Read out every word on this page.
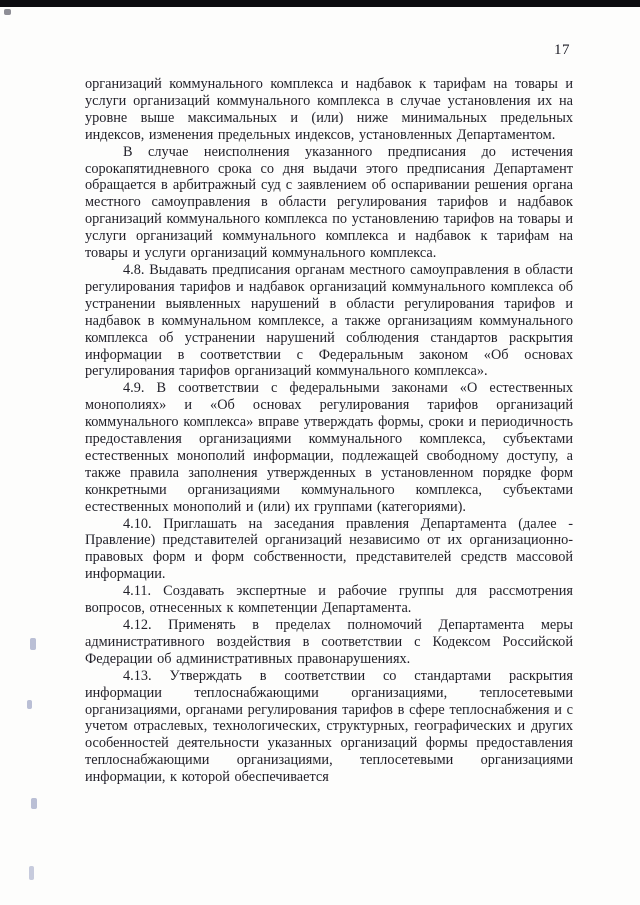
17

организаций коммунального комплекса и надбавок к тарифам на товары и услуги организаций коммунального комплекса в случае установления их на уровне выше максимальных и (или) ниже минимальных предельных индексов, изменения предельных индексов, установленных Департаментом.

В случае неисполнения указанного предписания до истечения сорокапятидневного срока со дня выдачи этого предписания Департамент обращается в арбитражный суд с заявлением об оспаривании решения органа местного самоуправления в области регулирования тарифов и надбавок организаций коммунального комплекса по установлению тарифов на товары и услуги организаций коммунального комплекса и надбавок к тарифам на товары и услуги организаций коммунального комплекса.

4.8. Выдавать предписания органам местного самоуправления в области регулирования тарифов и надбавок организаций коммунального комплекса об устранении выявленных нарушений в области регулирования тарифов и надбавок в коммунальном комплексе, а также организациям коммунального комплекса об устранении нарушений соблюдения стандартов раскрытия информации в соответствии с Федеральным законом «Об основах регулирования тарифов организаций коммунального комплекса».

4.9. В соответствии с федеральными законами «О естественных монополиях» и «Об основах регулирования тарифов организаций коммунального комплекса» вправе утверждать формы, сроки и периодичность предоставления организациями коммунального комплекса, субъектами естественных монополий информации, подлежащей свободному доступу, а также правила заполнения утвержденных в установленном порядке форм конкретными организациями коммунального комплекса, субъектами естественных монополий и (или) их группами (категориями).

4.10. Приглашать на заседания правления Департамента (далее - Правление) представителей организаций независимо от их организационно-правовых форм и форм собственности, представителей средств массовой информации.

4.11. Создавать экспертные и рабочие группы для рассмотрения вопросов, отнесенных к компетенции Департамента.

4.12. Применять в пределах полномочий Департамента меры административного воздействия в соответствии с Кодексом Российской Федерации об административных правонарушениях.

4.13. Утверждать в соответствии со стандартами раскрытия информации теплоснабжающими организациями, теплосетевыми организациями, органами регулирования тарифов в сфере теплоснабжения и с учетом отраслевых, технологических, структурных, географических и других особенностей деятельности указанных организаций формы предоставления теплоснабжающими организациями, теплосетевыми организациями информации, к которой обеспечивается
